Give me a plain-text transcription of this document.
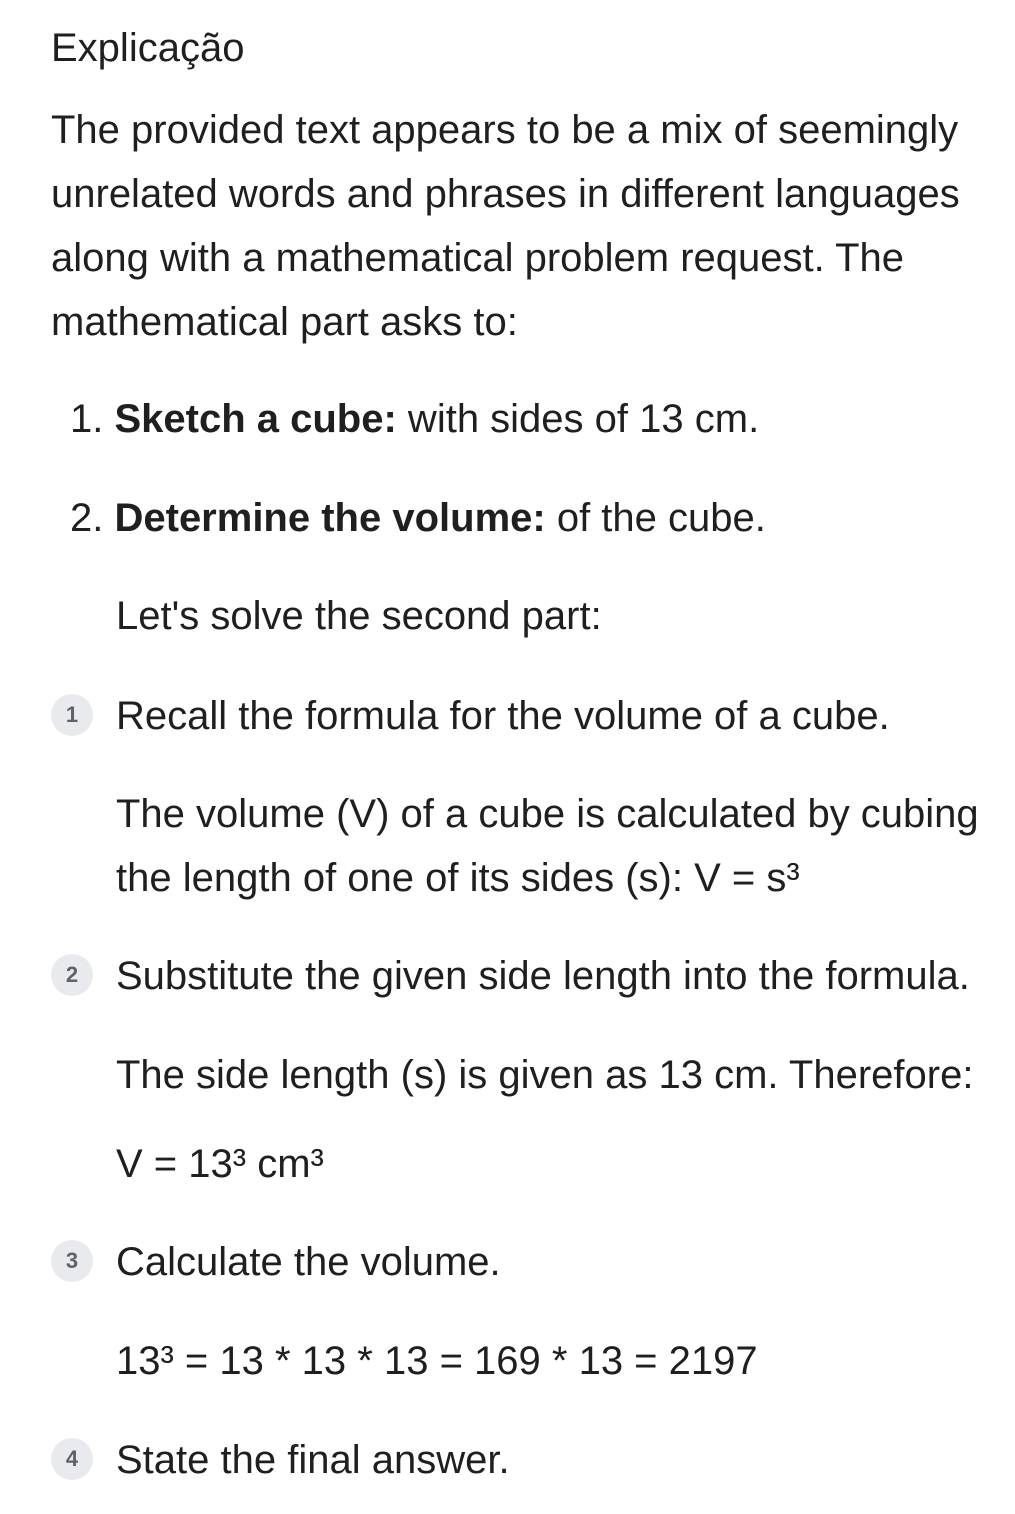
Explicação
The provided text appears to be a mix of seemingly
unrelated words and phrases in different languages
along with a mathematical problem request. The
mathematical part asks to:
1. Sketch a cube: with sides of 13 cm.
2. Determine the volume: of the cube.
Let's solve the second part:
1 Recall the formula for the volume of a cube.
The volume (V) of a cube is calculated by cubing
the length of one of its sides (s): V = s³
2 Substitute the given side length into the formula.
The side length (s) is given as 13 cm. Therefore:
V = 13³ cm³
3 Calculate the volume.
13³ = 13 * 13 * 13 = 169 * 13 = 2197
4 State the final answer.
